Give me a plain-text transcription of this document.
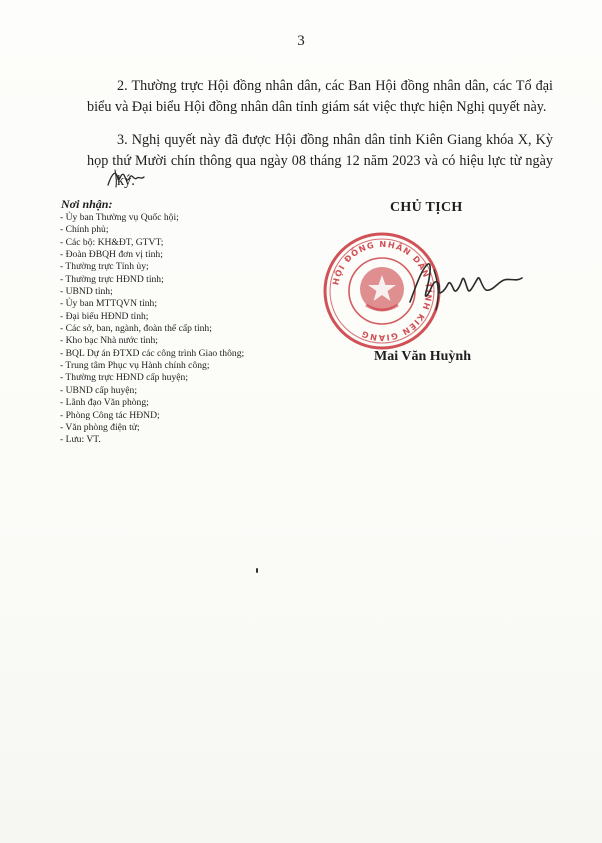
3

2. Thường trực Hội đồng nhân dân, các Ban Hội đồng nhân dân, các Tổ đại biểu và Đại biểu Hội đồng nhân dân tỉnh giám sát việc thực hiện Nghị quyết này.

3. Nghị quyết này đã được Hội đồng nhân dân tỉnh Kiên Giang khóa X, Kỳ họp thứ Mười chín thông qua ngày 08 tháng 12 năm 2023 và có hiệu lực từ ngày ký.

Nơi nhận:
- Ủy ban Thường vụ Quốc hội;
- Chính phủ;
- Các bộ: KH&ĐT, GTVT;
- Đoàn ĐBQH đơn vị tỉnh;
- Thường trực Tỉnh ủy;
- Thường trực HĐND tỉnh;
- UBND tỉnh;
- Ủy ban MTTQVN tỉnh;
- Đại biểu HĐND tỉnh;
- Các sở, ban, ngành, đoàn thể cấp tỉnh;
- Kho bạc Nhà nước tỉnh;
- BQL Dự án ĐTXD các công trình Giao thông;
- Trung tâm Phục vụ Hành chính công;
- Thường trực HĐND cấp huyện;
- UBND cấp huyện;
- Lãnh đạo Văn phòng;
- Phòng Công tác HĐND;
- Văn phòng điện tử;
- Lưu: VT.
CHỦ TỊCH
HỘI ĐỒNG NHÂN DÂN TỈNH KIÊN GIANG
Mai Văn Huỳnh
